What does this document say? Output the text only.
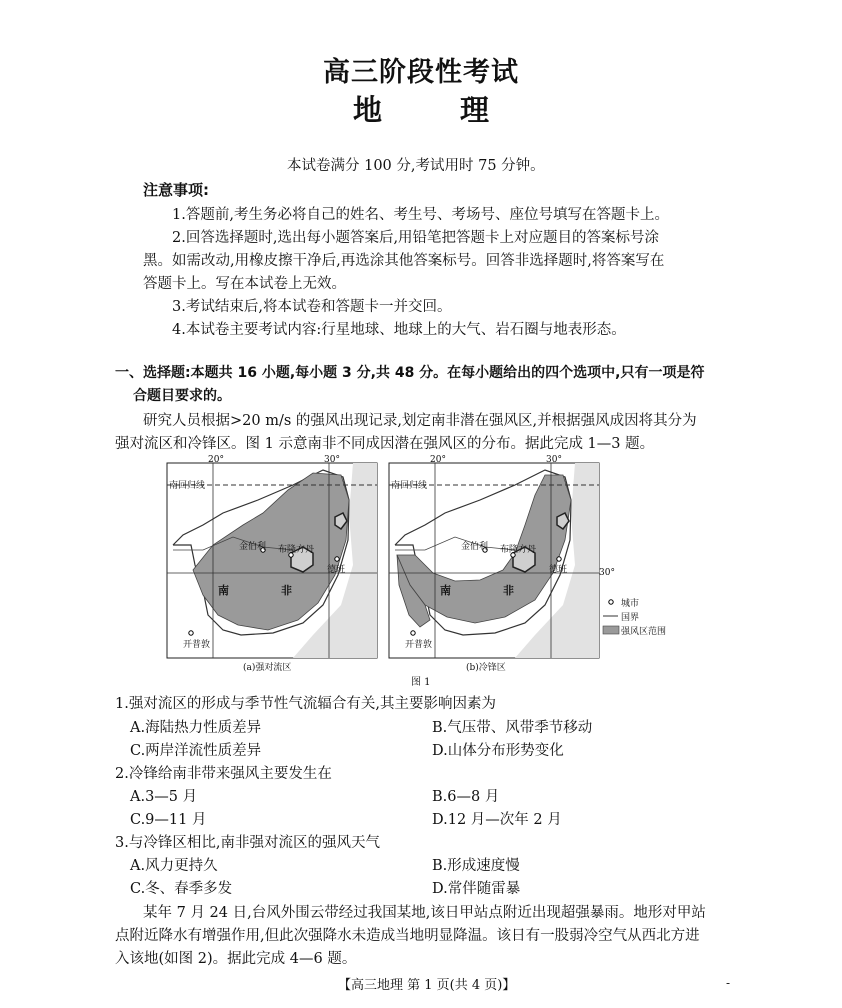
高三阶段性考试
地理
本试卷满分 100 分,考试用时 75 分钟。
注意事项:
1.答题前,考生务必将自己的姓名、考生号、考场号、座位号填写在答题卡上。
2.回答选择题时,选出每小题答案后,用铅笔把答题卡上对应题目的答案标号涂
黑。如需改动,用橡皮擦干净后,再选涂其他答案标号。回答非选择题时,将答案写在
答题卡上。写在本试卷上无效。
3.考试结束后,将本试卷和答题卡一并交回。
4.本试卷主要考试内容:行星地球、地球上的大气、岩石圈与地表形态。
一、选择题:本题共 16 小题,每小题 3 分,共 48 分。在每小题给出的四个选项中,只有一项是符
合题目要求的。
研究人员根据>20 m/s 的强风出现记录,划定南非潜在强风区,并根据强风成因将其分为
强对流区和冷锋区。图 1 示意南非不同成因潜在强风区的分布。据此完成 1—3 题。
20°	30°
南回归线
金伯利 布隆方丹
德班
开普敦
南	非
(a)强对流区
20°	30°
南回归线
30°
金伯利 布隆方丹
德班
开普敦
南	非
(b)冷锋区
城市
国界
强风区范围
图 1
1.强对流区的形成与季节性气流辐合有关,其主要影响因素为
A.海陆热力性质差异	B.气压带、风带季节移动
C.两岸洋流性质差异	D.山体分布形势变化
2.冷锋给南非带来强风主要发生在
A.3—5 月	B.6—8 月
C.9—11 月	D.12 月—次年 2 月
3.与冷锋区相比,南非强对流区的强风天气
A.风力更持久	B.形成速度慢
C.冬、春季多发	D.常伴随雷暴
某年 7 月 24 日,台风外围云带经过我国某地,该日甲站点附近出现超强暴雨。地形对甲站
点附近降水有增强作用,但此次强降水未造成当地明显降温。该日有一股弱冷空气从西北方进
入该地(如图 2)。据此完成 4—6 题。
【高三地理 第 1 页(共 4 页)】	-
